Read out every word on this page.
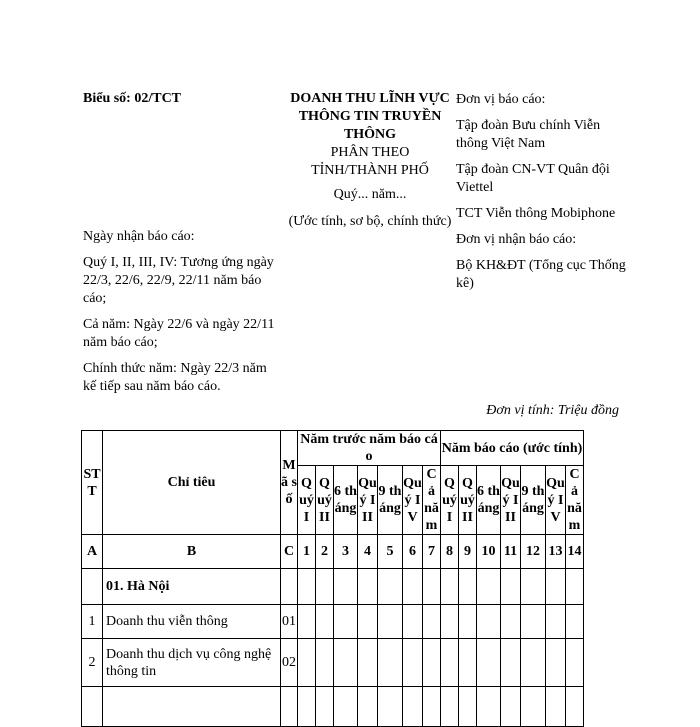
Biểu số: 02/TCT	DOANH THU LĨNH VỰC
THÔNG TIN TRUYỀN
THÔNG
PHÂN THEO
TỈNH/THÀNH PHỐ
Quý... năm...
(Ước tính, sơ bộ, chính thức)

Đơn vị báo cáo:

Tập đoàn Bưu chính Viễn thông Việt Nam

Tập đoàn CN-VT Quân đội Viettel

TCT Viễn thông Mobiphone

Đơn vị nhận báo cáo:

Bộ KH&ĐT (Tổng cục Thống kê)

Ngày nhận báo cáo:

Quý I, II, III, IV: Tương ứng ngày 22/3, 22/6, 22/9, 22/11 năm báo cáo;

Cả năm: Ngày 22/6 và ngày 22/11 năm báo cáo;

Chính thức năm: Ngày 22/3 năm kế tiếp sau năm báo cáo.

Đơn vị tính: Triệu đồng
STT	Chỉ tiêu	Mã số	Năm trước năm báo cáo							Năm báo cáo (ước tính)						
			Quý I	Quý II	6 tháng	Quý III	9 tháng	Quý IV	Cả năm	Quý I	Quý II	6 tháng	Quý III	9 tháng	Quý IV	Cả năm
A	B	C	1	2	3	4	5	6	7	8	9	10	11	12	13	14
	01. Hà Nội															
1	Doanh thu viễn thông	01														
2	Doanh thu dịch vụ công nghệ thông tin	02														
